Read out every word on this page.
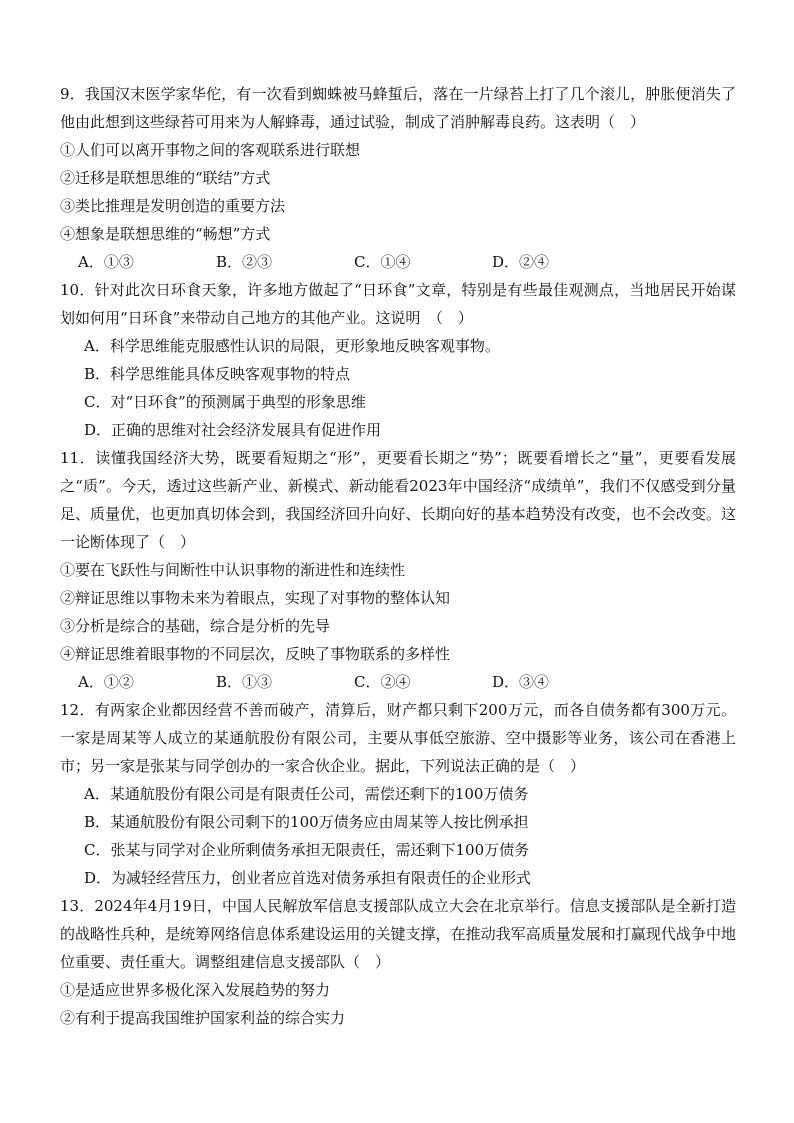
9．我国汉末医学家华佗，有一次看到蜘蛛被马蜂蜇后，落在一片绿苔上打了几个滚儿，肿胀便消失了他由此想到这些绿苔可用来为人解蜂毒，通过试验，制成了消肿解毒良药。这表明（　）

①人们可以离开事物之间的客观联系进行联想

②迁移是联想思维的“联结”方式

③类比推理是发明创造的重要方法

④想象是联想思维的“畅想”方式

A．①③	B．②③	C．①④	D．②④

10．针对此次日环食天象，许多地方做起了“日环食”文章，特别是有些最佳观测点，当地居民开始谋划如何用“日环食”来带动自己地方的其他产业。这说明　（　）

A．科学思维能克服感性认识的局限，更形象地反映客观事物。

B．科学思维能具体反映客观事物的特点

C．对“日环食”的预测属于典型的形象思维

D．正确的思维对社会经济发展具有促进作用

11．读懂我国经济大势，既要看短期之“形”，更要看长期之“势”；既要看增长之“量”，更要看发展之“质”。今天，透过这些新产业、新模式、新动能看2023年中国经济“成绩单”，我们不仅感受到分量足、质量优，也更加真切体会到，我国经济回升向好、长期向好的基本趋势没有改变，也不会改变。这一论断体现了（　）

①要在飞跃性与间断性中认识事物的渐进性和连续性

②辩证思维以事物未来为着眼点，实现了对事物的整体认知

③分析是综合的基础，综合是分析的先导

④辩证思维着眼事物的不同层次，反映了事物联系的多样性

A．①②	B．①③	C．②④	D．③④

12．有两家企业都因经营不善而破产，清算后，财产都只剩下200万元，而各自债务都有300万元。一家是周某等人成立的某通航股份有限公司，主要从事低空旅游、空中摄影等业务，该公司在香港上市；另一家是张某与同学创办的一家合伙企业。据此，下列说法正确的是（　）

A．某通航股份有限公司是有限责任公司，需偿还剩下的100万债务

B．某通航股份有限公司剩下的100万债务应由周某等人按比例承担

C．张某与同学对企业所剩债务承担无限责任，需还剩下100万债务

D．为减轻经营压力，创业者应首选对债务承担有限责任的企业形式

13．2024年4月19日，中国人民解放军信息支援部队成立大会在北京举行。信息支援部队是全新打造的战略性兵种，是统筹网络信息体系建设运用的关键支撑，在推动我军高质量发展和打赢现代战争中地位重要、责任重大。调整组建信息支援部队（　）

①是适应世界多极化深入发展趋势的努力

②有利于提高我国维护国家利益的综合实力
